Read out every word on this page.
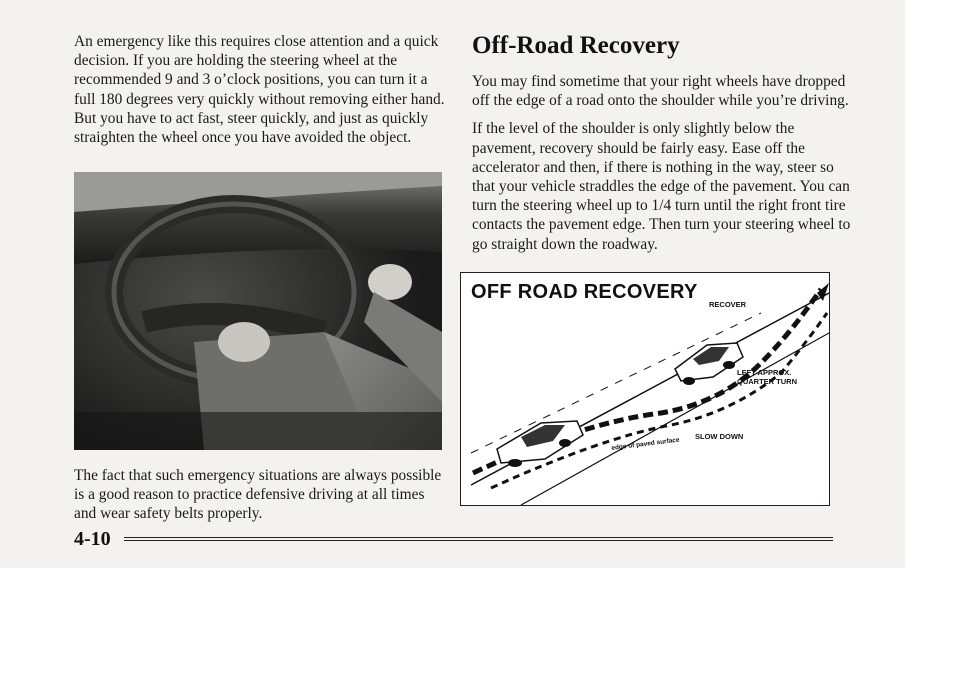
An emergency like this requires close attention and a quick decision. If you are holding the steering wheel at the recommended 9 and 3 o’clock positions, you can turn it a full 180 degrees very quickly without removing either hand. But you have to act fast, steer quickly, and just as quickly straighten the wheel once you have avoided the object.

The fact that such emergency situations are always possible is a good reason to practice defensive driving at all times and wear safety belts properly.

Off-Road Recovery

You may find sometime that your right wheels have dropped off the edge of a road onto the shoulder while you’re driving.

If the level of the shoulder is only slightly below the pavement, recovery should be fairly easy. Ease off the accelerator and then, if there is nothing in the way, steer so that your vehicle straddles the edge of the pavement. You can turn the steering wheel up to 1/4 turn until the right front tire contacts the pavement edge. Then turn your steering wheel to go straight down the roadway.

OFF ROAD RECOVERY
RECOVER
LEFT APPROX.
QUARTER TURN
SLOW DOWN
edge of paved surface
4-10
